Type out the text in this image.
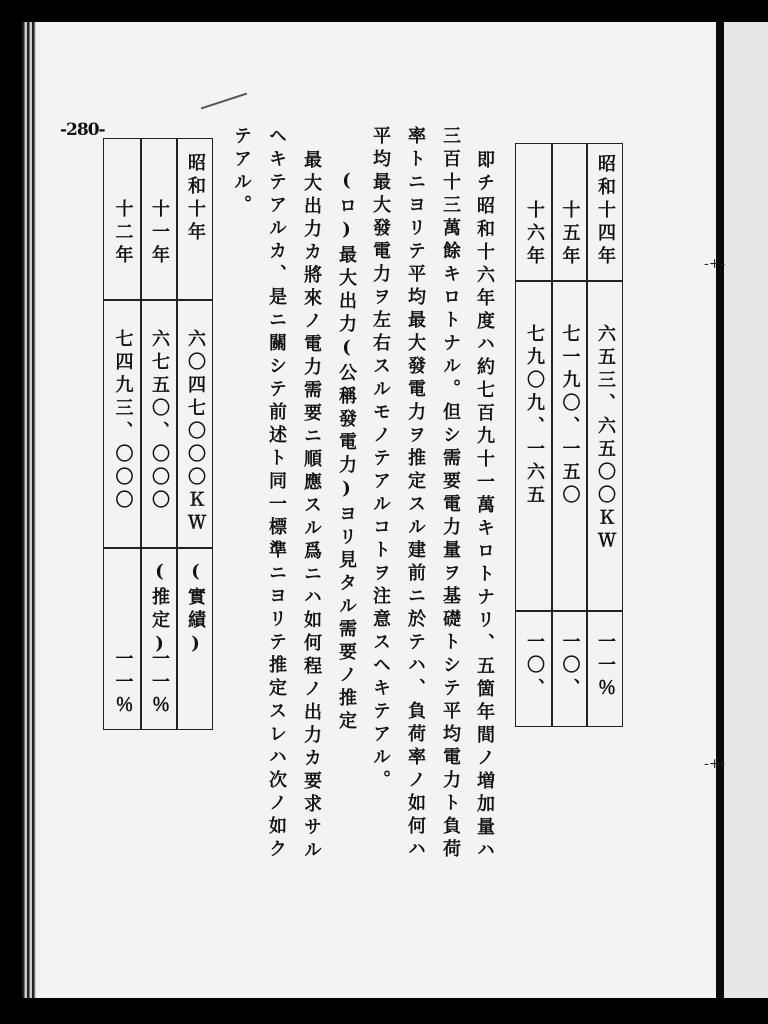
-+-
-+-
-280-
昭和十四年
六五三、六五〇〇ＫＷ
一一％
十五年
七一九〇、一五〇
一〇、
十六年
七九〇九、一六五
一〇、
即チ昭和十六年度ハ約七百九十一萬キロトナリ、五箇年間ノ増加量ハ
三百十三萬餘キロトナル。但シ需要電力量ヲ基礎トシテ平均電力ト負荷
率トニヨリテ平均最大發電力ヲ推定スル建前ニ於テハ、負荷率ノ如何ハ
平均最大發電力ヲ左右スルモノテアルコトヲ注意スヘキテアル。
(ロ)最大出力(公稱發電力)ヨリ見タル需要ノ推定
最大出力カ將來ノ電力需要ニ順應スル爲ニハ如何程ノ出力カ要求サル
ヘキテアルカ、是ニ關シテ前述ト同一標準ニヨリテ推定スレハ次ノ如ク
テアル。
昭和十年
六〇四七〇〇〇ＫＷ
(實績)
十一年
六七五〇、〇〇〇
(推定)
一一％
十二年
七四九三、〇〇〇
一一％
